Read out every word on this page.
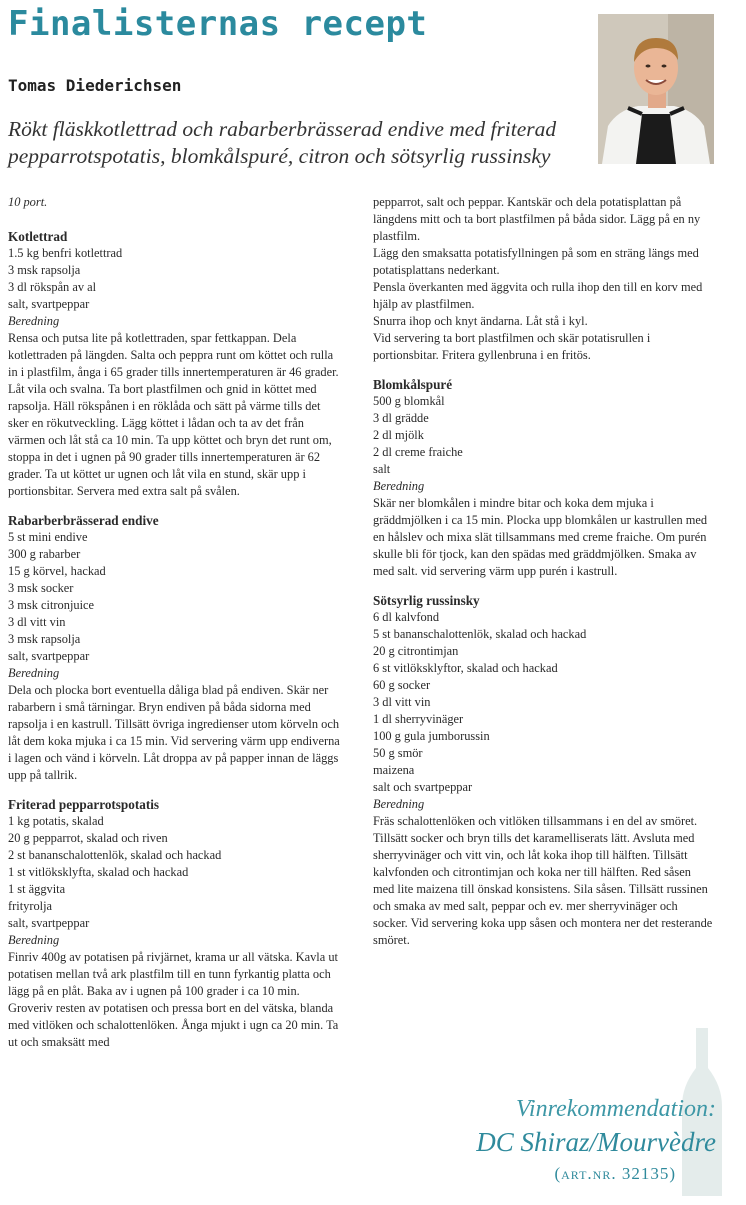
Finalisternas recept
Tomas Diederichsen

Rökt fläskkotlettrad och rabarberbrässerad endive med friterad pepparrotspotatis, blomkålspuré, citron och sötsyrlig russinsky

10 port.

Kotlettrad

1.5 kg benfri kotlettrad
3 msk rapsolja
3 dl rökspån av al
salt, svartpeppar

Beredning

Rensa och putsa lite på kotlettraden, spar fettkappan. Dela kotlettraden på längden. Salta och peppra runt om köttet och rulla in i plastfilm, ånga i 65 grader tills innertemperaturen är 46 grader. Låt vila och svalna. Ta bort plastfilmen och gnid in köttet med rapsolja. Häll rökspånen i en röklåda och sätt på värme tills det sker en rökutveckling. Lägg köttet i lådan och ta av det från värmen och låt stå ca 10 min. Ta upp köttet och bryn det runt om, stoppa in det i ugnen på 90 grader tills innertemperaturen är 62 grader. Ta ut köttet ur ugnen och låt vila en stund, skär upp i portionsbitar. Servera med extra salt på svålen.

Rabarberbrässerad endive

5 st mini endive
300 g rabarber
15 g körvel, hackad
3 msk socker
3 msk citronjuice
3 dl vitt vin
3 msk rapsolja
salt, svartpeppar

Beredning

Dela och plocka bort eventuella dåliga blad på endiven. Skär ner rabarbern i små tärningar. Bryn endiven på båda sidorna med rapsolja i en kastrull. Tillsätt övriga ingredienser utom körveln och låt dem koka mjuka i ca 15 min. Vid servering värm upp endiverna i lagen och vänd i körveln. Låt droppa av på papper innan de läggs upp på tallrik.

Friterad pepparrotspotatis

1 kg potatis, skalad
20 g pepparrot, skalad och riven
2 st bananschalottenlök, skalad och hackad
1 st vitlöksklyfta, skalad och hackad
1 st äggvita
frityrolja
salt, svartpeppar

Beredning

Finriv 400g av potatisen på rivjärnet, krama ur all vätska. Kavla ut potatisen mellan två ark plastfilm till en tunn fyrkantig platta och lägg på en plåt. Baka av i ugnen på 100 grader i ca 10 min. Groveriv resten av potatisen och pressa bort en del vätska, blanda med vitlöken och schalottenlöken. Ånga mjukt i ugn ca 20 min. Ta ut och smaksätt med

pepparrot, salt och peppar. Kantskär och dela potatisplattan på längdens mitt och ta bort plastfilmen på båda sidor. Lägg på en ny plastfilm.

Lägg den smaksatta potatisfyllningen på som en sträng längs med potatisplattans nederkant.

Pensla överkanten med äggvita och rulla ihop den till en korv med hjälp av plastfilmen.

Snurra ihop och knyt ändarna. Låt stå i kyl.

Vid servering ta bort plastfilmen och skär potatisrullen i portionsbitar. Fritera gyllenbruna i en fritös.

Blomkålspuré

500 g blomkål
3 dl grädde
2 dl mjölk
2 dl creme fraiche
salt

Beredning

Skär ner blomkålen i mindre bitar och koka dem mjuka i gräddmjölken i ca 15 min. Plocka upp blomkålen ur kastrullen med en hålslev och mixa slät tillsammans med creme fraiche. Om purén skulle bli för tjock, kan den spädas med gräddmjölken. Smaka av med salt. vid servering värm upp purén i kastrull.

Sötsyrlig russinsky

6 dl kalvfond
5 st bananschalottenlök, skalad och hackad
20 g citrontimjan
6 st vitlöksklyftor, skalad och hackad
60 g socker
3 dl vitt vin
1 dl sherryvinäger
100 g gula jumborussin
50 g smör
maizena
salt och svartpeppar

Beredning

Fräs schalottenlöken och vitlöken tillsammans i en del av smöret. Tillsätt socker och bryn tills det karamelliserats lätt. Avsluta med sherryvinäger och vitt vin, och låt koka ihop till hälften. Tillsätt kalvfonden och citrontimjan och koka ner till hälften. Red såsen med lite maizena till önskad konsistens. Sila såsen. Tillsätt russinen och smaka av med salt, peppar och ev. mer sherryvinäger och socker. Vid servering koka upp såsen och montera ner det resterande smöret.

Vinrekommendation:
DC Shiraz/Mourvèdre
(art.nr. 32135)
